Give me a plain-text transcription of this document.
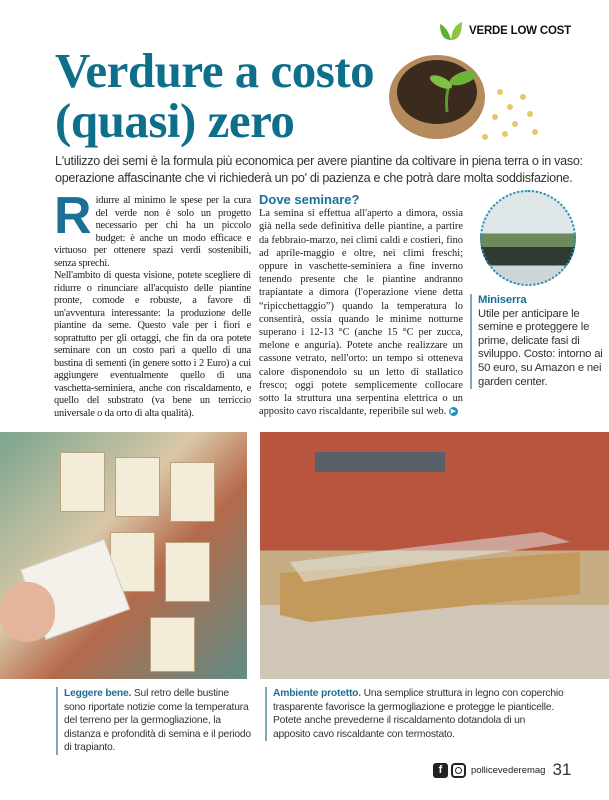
VERDE LOW COST
Verdure a costo (quasi) zero

L'utilizzo dei semi è la formula più economica per avere piantine da coltivare in piena terra o in vaso: operazione affascinante che vi richiederà un po' di pazienza e che potrà dare molta soddisfazione.

R idurre al minimo le spese per la cura del verde non è solo un progetto necessario per chi ha un piccolo budget: è anche un modo efficace e virtuoso per ottenere spazi verdi sostenibili, senza sprechi.

Nell'ambito di questa visione, potete scegliere di ridurre o rinunciare all'acquisto delle piantine pronte, comode e robuste, a favore di un'avventura interessante: la produzione delle piantine da seme. Questo vale per i fiori e soprattutto per gli ortaggi, che fin da ora potete seminare con un costo pari a quello di una bustina di sementi (in genere sotto i 2 Euro) a cui aggiungere eventualmente quello di una vaschetta-seminiera, anche con riscaldamento, e quello del substrato (va bene un terriccio universale o da orto di alta qualità).

Dove seminare?

La semina si effettua all'aperto a dimora, ossia già nella sede definitiva delle piantine, a partire da febbraio-marzo, nei climi caldi e costieri, fino ad aprile-maggio e oltre, nei climi freschi; oppure in vaschette-seminiera a fine inverno tenendo presente che le piantine andranno trapiantate a dimora (l'operazione viene detta “ripicchettaggio”) quando la temperatura lo consentirà, ossia quando le minime notturne superano i 12-13 °C (anche 15 °C per zucca, melone e anguria). Potete anche realizzare un cassone vetrato, nell'orto: un tempo si otteneva calore disponendolo su un letto di stallatico fresco; oggi potete semplicemente collocare sotto la struttura una serpentina elettrica o un apposito cavo riscaldante, reperibile sul web. ▶

Miniserra
Utile per anticipare le semine e proteggere le prime, delicate fasi di sviluppo. Costo: intorno ai 50 euro, su Amazon e nei garden center.
Leggere bene. Sul retro delle bustine sono riportate notizie come la temperatura del terreno per la germogliazione, la distanza e profondità di semina e il periodo di trapianto.
Ambiente protetto. Una semplice struttura in legno con coperchio trasparente favorisce la germogliazione e protegge le pianticelle. Potete anche prevederne il riscaldamento dotandola di un apposito cavo riscaldante con termostato.
f	pollicevederemag 31
